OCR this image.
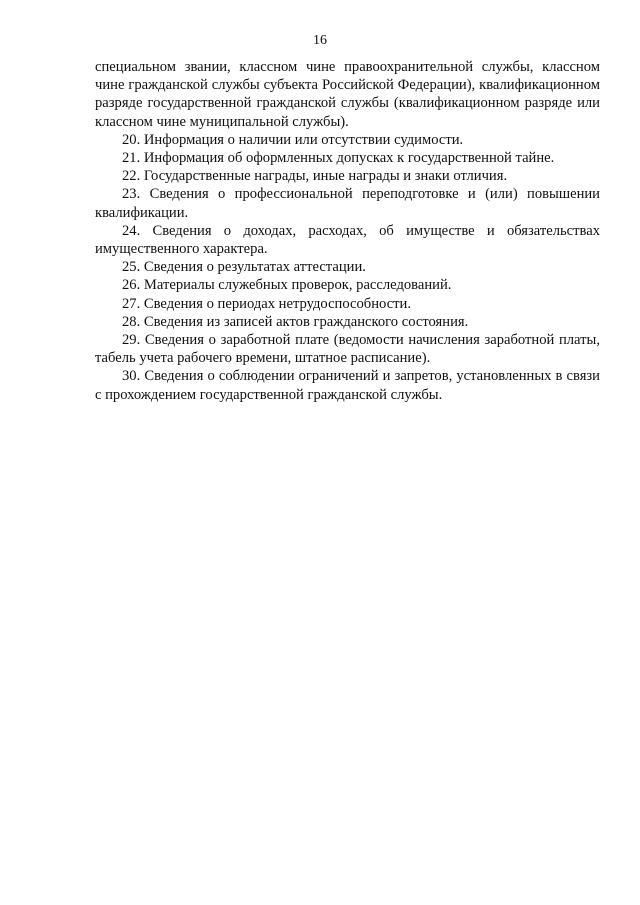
16

специальном звании, классном чине правоохранительной службы, классном чине гражданской службы субъекта Российской Федерации), квалификационном разряде государственной гражданской службы (квалификационном разряде или классном чине муниципальной службы).

20. Информация о наличии или отсутствии судимости.

21. Информация об оформленных допусках к государственной тайне.

22. Государственные награды, иные награды и знаки отличия.

23. Сведения о профессиональной переподготовке и (или) повышении квалификации.

24. Сведения о доходах, расходах, об имуществе и обязательствах имущественного характера.

25. Сведения о результатах аттестации.

26. Материалы служебных проверок, расследований.

27. Сведения о периодах нетрудоспособности.

28. Сведения из записей актов гражданского состояния.

29. Сведения о заработной плате (ведомости начисления заработной платы, табель учета рабочего времени, штатное расписание).

30. Сведения о соблюдении ограничений и запретов, установленных в связи с прохождением государственной гражданской службы.
